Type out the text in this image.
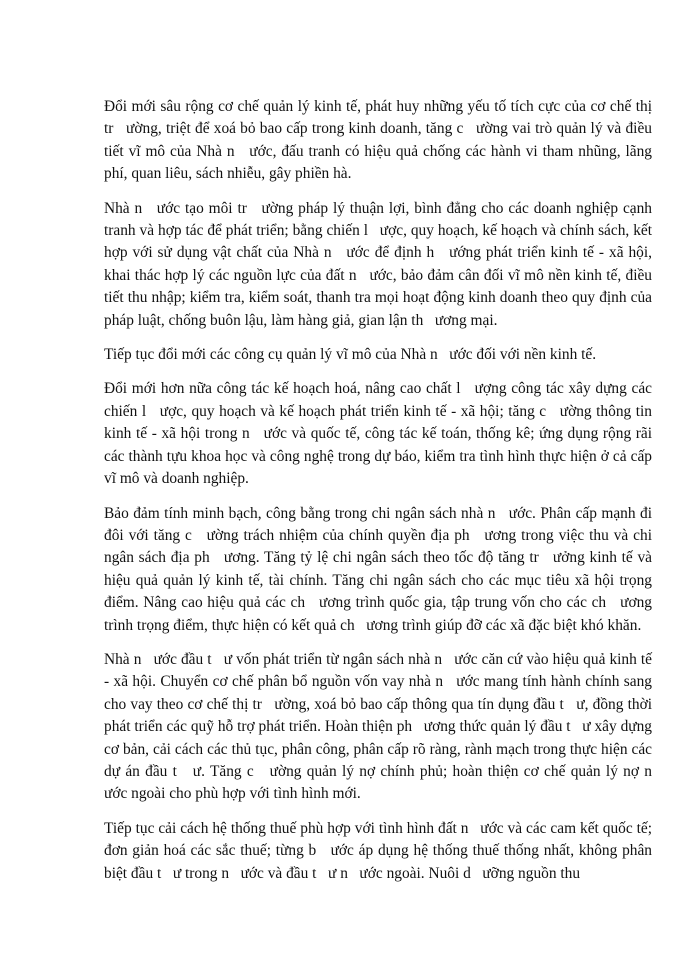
Đổi mới sâu rộng cơ chế quản lý kinh tế, phát huy những yếu tố tích cực của cơ chế thị tr   ường, triệt để xoá bỏ bao cấp trong kinh doanh, tăng c   ường vai trò quản lý và điều tiết vĩ mô của Nhà n   ước, đấu tranh có hiệu quả chống các hành vi tham nhũng, lãng phí, quan liêu, sách nhiễu, gây phiền hà.

Nhà n   ước tạo môi tr   ường pháp lý thuận lợi, bình đẳng cho các doanh nghiệp cạnh tranh và hợp tác để phát triển; bằng chiến l   ược, quy hoạch, kế hoạch và chính sách, kết hợp với sử dụng vật chất của Nhà n   ước để định h   ướng phát triển kinh tế - xã hội, khai thác hợp lý các nguồn lực của đất n   ước, bảo đảm cân đối vĩ mô nền kinh tế, điều tiết thu nhập; kiểm tra, kiểm soát, thanh tra mọi hoạt động kinh doanh theo quy định của pháp luật, chống buôn lậu, làm hàng giả, gian lận th   ương mại.

Tiếp tục đổi mới các công cụ quản lý vĩ mô của Nhà n   ước đối với nền kinh tế.

Đổi mới hơn nữa công tác kế hoạch hoá, nâng cao chất l   ượng công tác xây dựng các chiến l   ược, quy hoạch và kế hoạch phát triển kinh tế - xã hội; tăng c   ường thông tin kinh tế - xã hội trong n   ước và quốc tế, công tác kế toán, thống kê; ứng dụng rộng rãi các thành tựu khoa học và công nghệ trong dự báo, kiểm tra tình hình thực hiện ở cả cấp vĩ mô và doanh nghiệp.

Bảo đảm tính minh bạch, công bằng trong chi ngân sách nhà n   ước. Phân cấp mạnh đi đôi với tăng c   ường trách nhiệm của chính quyền địa ph   ương trong việc thu và chi ngân sách địa ph   ương. Tăng tỷ lệ chi ngân sách theo tốc độ tăng tr   ưởng kinh tế và hiệu quả quản lý kinh tế, tài chính. Tăng chi ngân sách cho các mục tiêu xã hội trọng điểm. Nâng cao hiệu quả các ch   ương trình quốc gia, tập trung vốn cho các ch   ương trình trọng điểm, thực hiện có kết quả ch   ương trình giúp đỡ các xã đặc biệt khó khăn.

Nhà n   ước đầu t   ư vốn phát triển từ ngân sách nhà n   ước căn cứ vào hiệu quả kinh tế - xã hội. Chuyển cơ chế phân bổ nguồn vốn vay nhà n   ước mang tính hành chính sang cho vay theo cơ chế thị tr   ường, xoá bỏ bao cấp thông qua tín dụng đầu t   ư, đồng thời phát triển các quỹ hỗ trợ phát triển. Hoàn thiện ph   ương thức quản lý đầu t   ư xây dựng cơ bản, cải cách các thủ tục, phân công, phân cấp rõ ràng, rành mạch trong thực hiện các dự án đầu t   ư. Tăng c   ường quản lý nợ chính phủ; hoàn thiện cơ chế quản lý nợ n   ước ngoài cho phù hợp với tình hình mới.

Tiếp tục cải cách hệ thống thuế phù hợp với tình hình đất n   ước và các cam kết quốc tế; đơn giản hoá các sắc thuế; từng b   ước áp dụng hệ thống thuế thống nhất, không phân biệt đầu t   ư trong n   ước và đầu t   ư n   ước ngoài. Nuôi d   ưỡng nguồn thu
